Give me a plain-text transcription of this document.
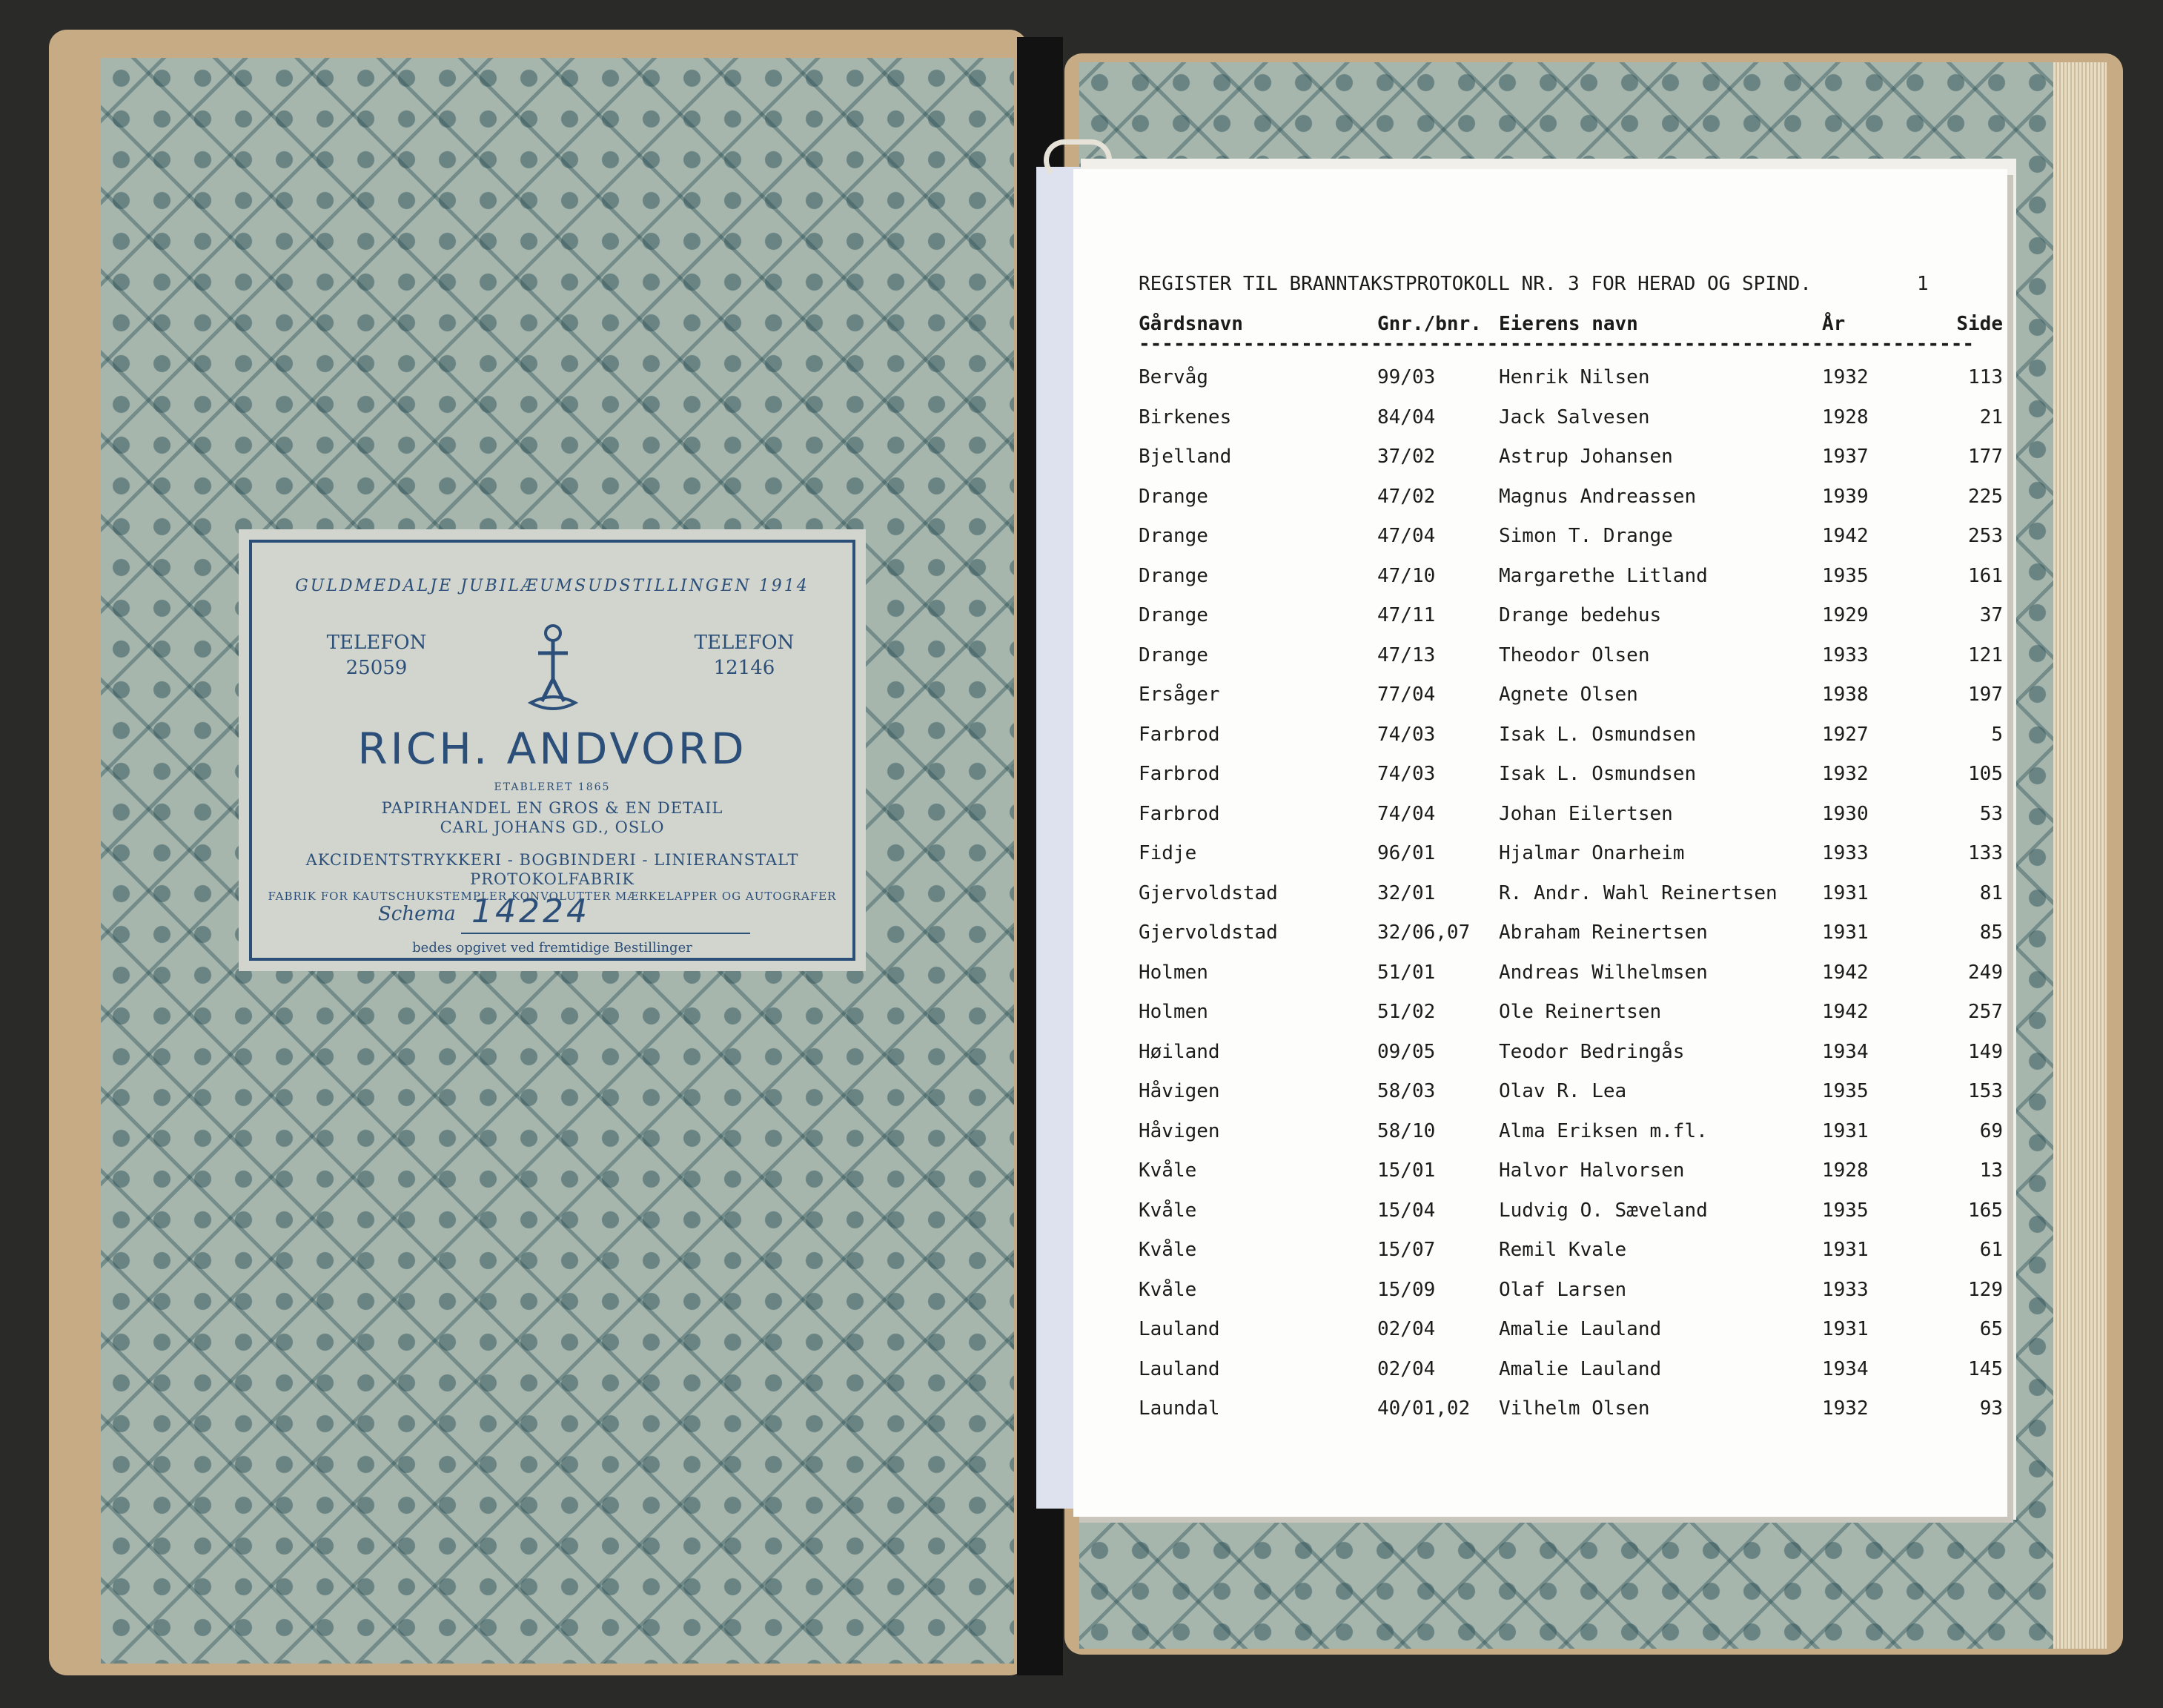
GULDMEDALJE JUBILÆUMSUDSTILLINGEN 1914
TELEFON
25059
TELEFON
12146
RICH. ANDVORD
ETABLERET 1865
PAPIRHANDEL EN GROS & EN DETAIL
CARL JOHANS GD., OSLO
AKCIDENTSTRYKKERI - BOGBINDERI - LINIERANSTALT
PROTOKOLFABRIK
FABRIK FOR KAUTSCHUKSTEMPLER KONVOLUTTER MÆRKELAPPER OG AUTOGRAFER
Schema 14224
bedes opgivet ved fremtidige Bestillinger
REGISTER TIL BRANNTAKSTPROTOKOLL NR. 3 FOR HERAD OG SPIND.	1
Gårdsnavn	Gnr./bnr. Eierens navn	År	Side
------------------------------------------------------------------------
Bervåg	99/03	Henrik Nilsen	1932	113
Birkenes	84/04	Jack Salvesen	1928	21
Bjelland	37/02	Astrup Johansen	1937	177
Drange	47/02	Magnus Andreassen	1939	225
Drange	47/04	Simon T. Drange	1942	253
Drange	47/10	Margarethe Litland	1935	161
Drange	47/11	Drange bedehus	1929	37
Drange	47/13	Theodor Olsen	1933	121
Ersåger	77/04	Agnete Olsen	1938	197
Farbrod	74/03	Isak L. Osmundsen	1927	5
Farbrod	74/03	Isak L. Osmundsen	1932	105
Farbrod	74/04	Johan Eilertsen	1930	53
Fidje	96/01	Hjalmar Onarheim	1933	133
Gjervoldstad	32/01	R. Andr. Wahl Reinertsen 1931	81
Gjervoldstad	32/06,07 Abraham Reinertsen	1931	85
Holmen	51/01	Andreas Wilhelmsen	1942	249
Holmen	51/02	Ole Reinertsen	1942	257
Høiland	09/05	Teodor Bedringås	1934	149
Håvigen	58/03	Olav R. Lea	1935	153
Håvigen	58/10	Alma Eriksen m.fl.	1931	69
Kvåle	15/01	Halvor Halvorsen	1928	13
Kvåle	15/04	Ludvig O. Sæveland	1935	165
Kvåle	15/07	Remil Kvale	1931	61
Kvåle	15/09	Olaf Larsen	1933	129
Lauland	02/04	Amalie Lauland	1931	65
Lauland	02/04	Amalie Lauland	1934	145
Laundal	40/01,02 Vilhelm Olsen	1932	93
